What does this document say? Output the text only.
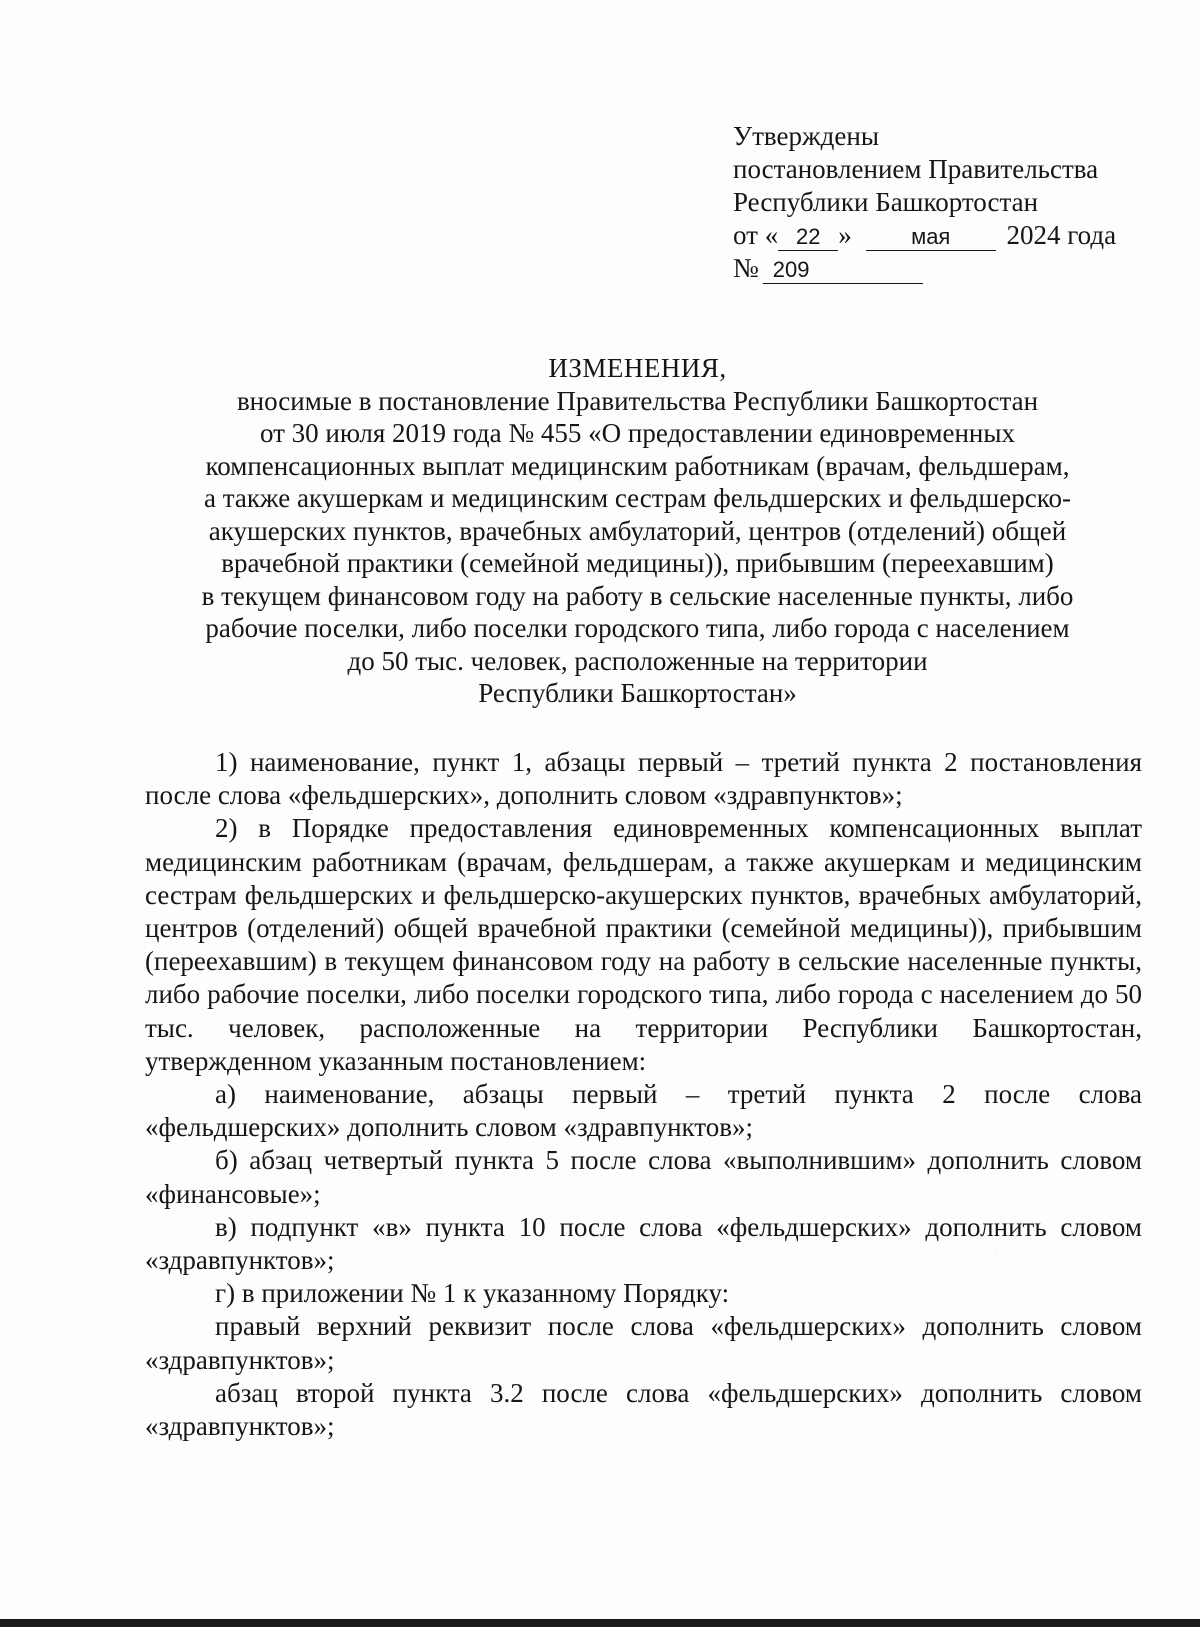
Утверждены
постановлением Правительства
Республики Башкортостан
от « 22 »	мая 2024 года
№ 209
ИЗМЕНЕНИЯ,
вносимые в постановление Правительства Республики Башкортостан
от 30 июля 2019 года № 455 «О предоставлении единовременных
компенсационных выплат медицинским работникам (врачам, фельдшерам,
а также акушеркам и медицинским сестрам фельдшерских и фельдшерско-
акушерских пунктов, врачебных амбулаторий, центров (отделений) общей
врачебной практики (семейной медицины)), прибывшим (переехавшим)
в текущем финансовом году на работу в сельские населенные пункты, либо
рабочие поселки, либо поселки городского типа, либо города с населением
до 50 тыс. человек, расположенные на территории
Республики Башкортостан»

1) наименование, пункт 1, абзацы первый – третий пункта 2 постановления после слова «фельдшерских», дополнить словом «здравпунктов»;

2) в Порядке предоставления единовременных компенсационных выплат медицинским работникам (врачам, фельдшерам, а также акушеркам и медицинским сестрам фельдшерских и фельдшерско-акушерских пунктов, врачебных амбулаторий, центров (отделений) общей врачебной практики (семейной медицины)), прибывшим (переехавшим) в текущем финансовом году на работу в сельские населенные пункты, либо рабочие поселки, либо поселки городского типа, либо города с населением до 50 тыс. человек, расположенные на территории Республики Башкортостан, утвержденном указанным постановлением:

а) наименование, абзацы первый – третий пункта 2 после слова «фельдшерских» дополнить словом «здравпунктов»;

б) абзац четвертый пункта 5 после слова «выполнившим» дополнить словом «финансовые»;

в) подпункт «в» пункта 10 после слова «фельдшерских» дополнить словом «здравпунктов»;

г) в приложении № 1 к указанному Порядку:

правый верхний реквизит после слова «фельдшерских» дополнить словом «здравпунктов»;

абзац второй пункта 3.2 после слова «фельдшерских» дополнить словом «здравпунктов»;
